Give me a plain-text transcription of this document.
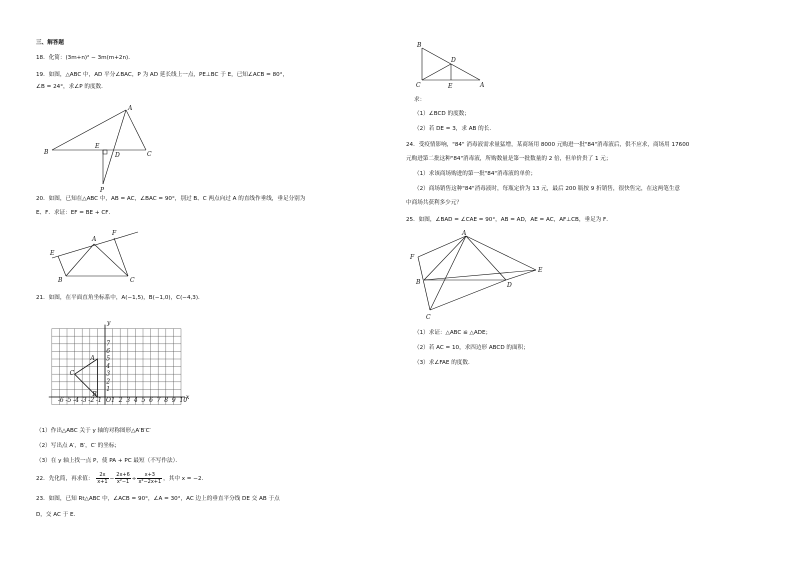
三、解答题
18．化简：(3m+n)² − 3m(m+2n)．
19．如图，△ABC 中，AD 平分∠BAC，P 为 AD 延长线上一点，PE⊥BC 于 E，已知∠ACB = 80°，
∠B = 24°，求∠P 的度数．
A
B	C
D
E
P
20．如图，已知在△ABC 中，AB = AC，∠BAC = 90°，别过 B、C 两点向过 A 的直线作垂线，垂足分别为
E、F．求证：EF = BE + CF．
A
B	C
E
F
21．如图，在平面直角坐标系中，A(−1,5)，B(−1,0)，C(−4,3)．
x
y
O
-6 -5 -4 -3 -2 -1 1 2 3 4 5 6 7 8 9 10
1
2
3
4
5
6
7
A
B
C
（1）作出△ABC 关于 y 轴的对称图形△A′B′C′
（2）写出点 A′，B′，C′ 的坐标；
（3）在 y 轴上找一点 P，使 PA + PC 最短（不写作法）．
22．先化简，再求值： $\frac{2x}{x+1} - \frac{2x+6}{\text{x²−1}} \div \frac{x+3}{\text{x²−2x+1}}$ ，其中 x = −2．
23．如图，已知 Rt△ABC 中，∠ACB = 90°，∠A = 30°，AC 边上的垂直平分线 DE 交 AB 于点
D，交 AC 于 E．
B
C	A
D
E
求：
（1）∠BCD 的度数；
（2）若 DE = 3，求 AB 的长．
24．受疫情影响，"84" 消毒液需求量猛增，某商场用 8000 元购进一批"84"消毒液后，供不应求，商场用 17600
元购进第二批这种"84"消毒液，所购数量是第一批数量的 2 倍，但单价贵了 1 元；
（1）求该商场购进的第一批"84"消毒液的单价；
（2）商场销售这种"84"消毒液时，每瓶定价为 13 元，最后 200 瓶按 9 折销售，很快售完，在这两笔生意
中商场共获利多少元？
25．如图，∠BAD = ∠CAE = 90°，AB = AD，AE = AC，AF⊥CB，垂足为 F．
A
B
C
D
E
F
（1）求证：△ABC ≌ △ADE；
（2）若 AC = 10，求四边形 ABCD 的面积；
（3）求∠FAE 的度数．
